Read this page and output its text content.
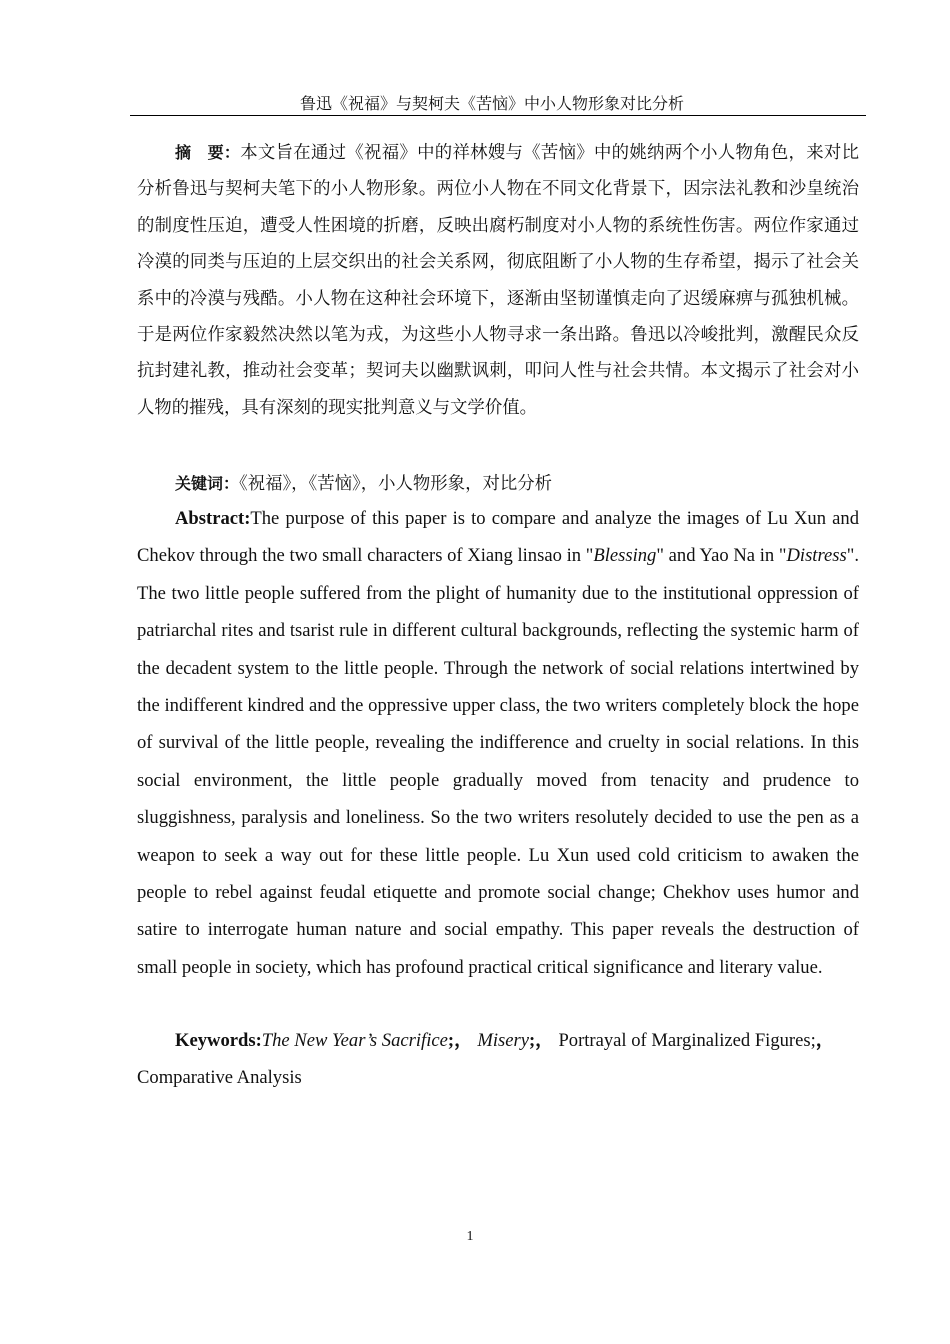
鲁迅《祝福》与契柯夫《苦恼》中小人物形象对比分析

摘　要：本文旨在通过《祝福》中的祥林嫂与《苦恼》中的姚纳两个小人物角色，来对比分析鲁迅与契柯夫笔下的小人物形象。两位小人物在不同文化背景下，因宗法礼教和沙皇统治的制度性压迫，遭受人性困境的折磨，反映出腐朽制度对小人物的系统性伤害。两位作家通过冷漠的同类与压迫的上层交织出的社会关系网，彻底阻断了小人物的生存希望，揭示了社会关系中的冷漠与残酷。小人物在这种社会环境下，逐渐由坚韧谨慎走向了迟缓麻痹与孤独机械。于是两位作家毅然决然以笔为戎，为这些小人物寻求一条出路。鲁迅以冷峻批判，激醒民众反抗封建礼教，推动社会变革；契诃夫以幽默讽刺，叩问人性与社会共情。本文揭示了社会对小人物的摧残，具有深刻的现实批判意义与文学价值。

关键词：《祝福》，《苦恼》，小人物形象，对比分析

Abstract:The purpose of this paper is to compare and analyze the images of Lu Xun and Chekov through the two small characters of Xiang linsao in "Blessing" and Yao Na in "Distress". The two little people suffered from the plight of humanity due to the institutional oppression of patriarchal rites and tsarist rule in different cultural backgrounds, reflecting the systemic harm of the decadent system to the little people. Through the network of social relations intertwined by the indifferent kindred and the oppressive upper class, the two writers completely block the hope of survival of the little people, revealing the indifference and cruelty in social relations. In this social environment, the little people gradually moved from tenacity and prudence to sluggishness, paralysis and loneliness. So the two writers resolutely decided to use the pen as a weapon to seek a way out for these little people. Lu Xun used cold criticism to awaken the people to rebel against feudal etiquette and promote social change; Chekhov uses humor and satire to interrogate human nature and social empathy. This paper reveals the destruction of small people in society, which has profound practical critical significance and literary value.

Keywords:The New Year’s Sacrifice;， Misery;， Portrayal of Marginalized Figures;， Comparative Analysis

1
